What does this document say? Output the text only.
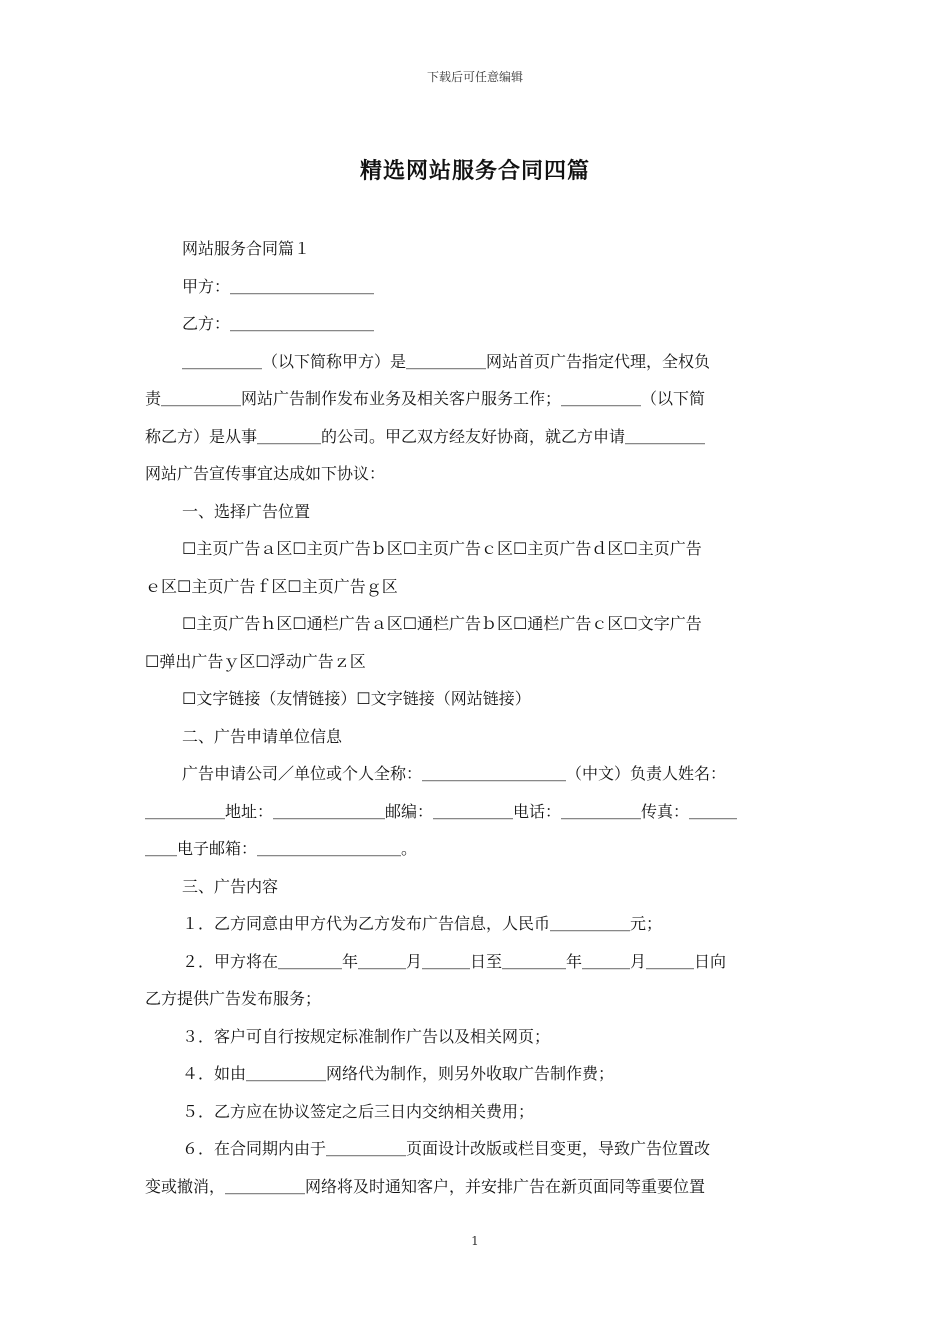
下载后可任意编辑
精选网站服务合同四篇

网站服务合同篇１

甲方：＿＿＿＿＿＿＿＿＿

乙方：＿＿＿＿＿＿＿＿＿

＿＿＿＿＿（以下简称甲方）是＿＿＿＿＿网站首页广告指定代理，全权负

责＿＿＿＿＿网站广告制作发布业务及相关客户服务工作；＿＿＿＿＿（以下简

称乙方）是从事＿＿＿＿的公司。甲乙双方经友好协商，就乙方申请＿＿＿＿＿

网站广告宣传事宜达成如下协议：

一、选择广告位置

☐主页广告ａ区☐主页广告ｂ区☐主页广告ｃ区☐主页广告ｄ区☐主页广告

ｅ区☐主页广告ｆ区☐主页广告ｇ区

☐主页广告ｈ区☐通栏广告ａ区☐通栏广告ｂ区☐通栏广告ｃ区☐文字广告

☐弹出广告ｙ区☐浮动广告ｚ区

☐文字链接（友情链接）☐文字链接（网站链接）

二、广告申请单位信息

广告申请公司／单位或个人全称：＿＿＿＿＿＿＿＿＿（中文）负责人姓名：

＿＿＿＿＿地址：＿＿＿＿＿＿＿邮编：＿＿＿＿＿电话：＿＿＿＿＿传真：＿＿＿

＿＿电子邮箱：＿＿＿＿＿＿＿＿＿。

三、广告内容

１．乙方同意由甲方代为乙方发布广告信息，人民币＿＿＿＿＿元；

２．甲方将在＿＿＿＿年＿＿＿月＿＿＿日至＿＿＿＿年＿＿＿月＿＿＿日向

乙方提供广告发布服务；

３．客户可自行按规定标准制作广告以及相关网页；

４．如由＿＿＿＿＿网络代为制作，则另外收取广告制作费；

５．乙方应在协议签定之后三日内交纳相关费用；

６．在合同期内由于＿＿＿＿＿页面设计改版或栏目变更，导致广告位置改

变或撤消，＿＿＿＿＿网络将及时通知客户，并安排广告在新页面同等重要位置

1
